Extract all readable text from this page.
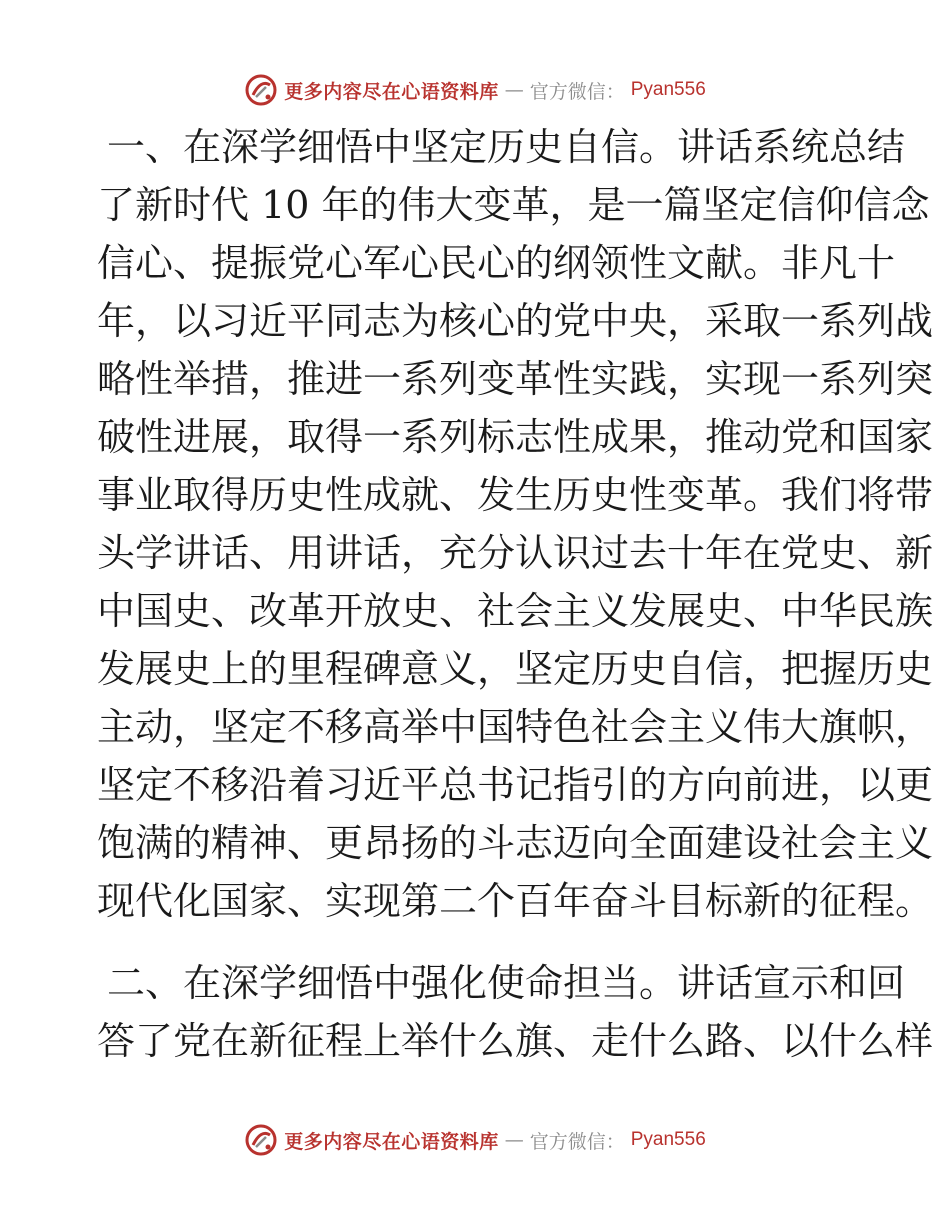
更多内容尽在心语资料库 — 官方微信： Pyan556
一、在深学细悟中坚定历史自信。讲话系统总结
了新时代 10 年的伟大变革，是一篇坚定信仰信念
信心、提振党心军心民心的纲领性文献。非凡十
年，以习近平同志为核心的党中央，采取一系列战
略性举措，推进一系列变革性实践，实现一系列突
破性进展，取得一系列标志性成果，推动党和国家
事业取得历史性成就、发生历史性变革。我们将带
头学讲话、用讲话，充分认识过去十年在党史、新
中国史、改革开放史、社会主义发展史、中华民族
发展史上的里程碑意义，坚定历史自信，把握历史
主动，坚定不移高举中国特色社会主义伟大旗帜，
坚定不移沿着习近平总书记指引的方向前进，以更
饱满的精神、更昂扬的斗志迈向全面建设社会主义
现代化国家、实现第二个百年奋斗目标新的征程。
二、在深学细悟中强化使命担当。讲话宣示和回
答了党在新征程上举什么旗、走什么路、以什么样
更多内容尽在心语资料库 — 官方微信： Pyan556
